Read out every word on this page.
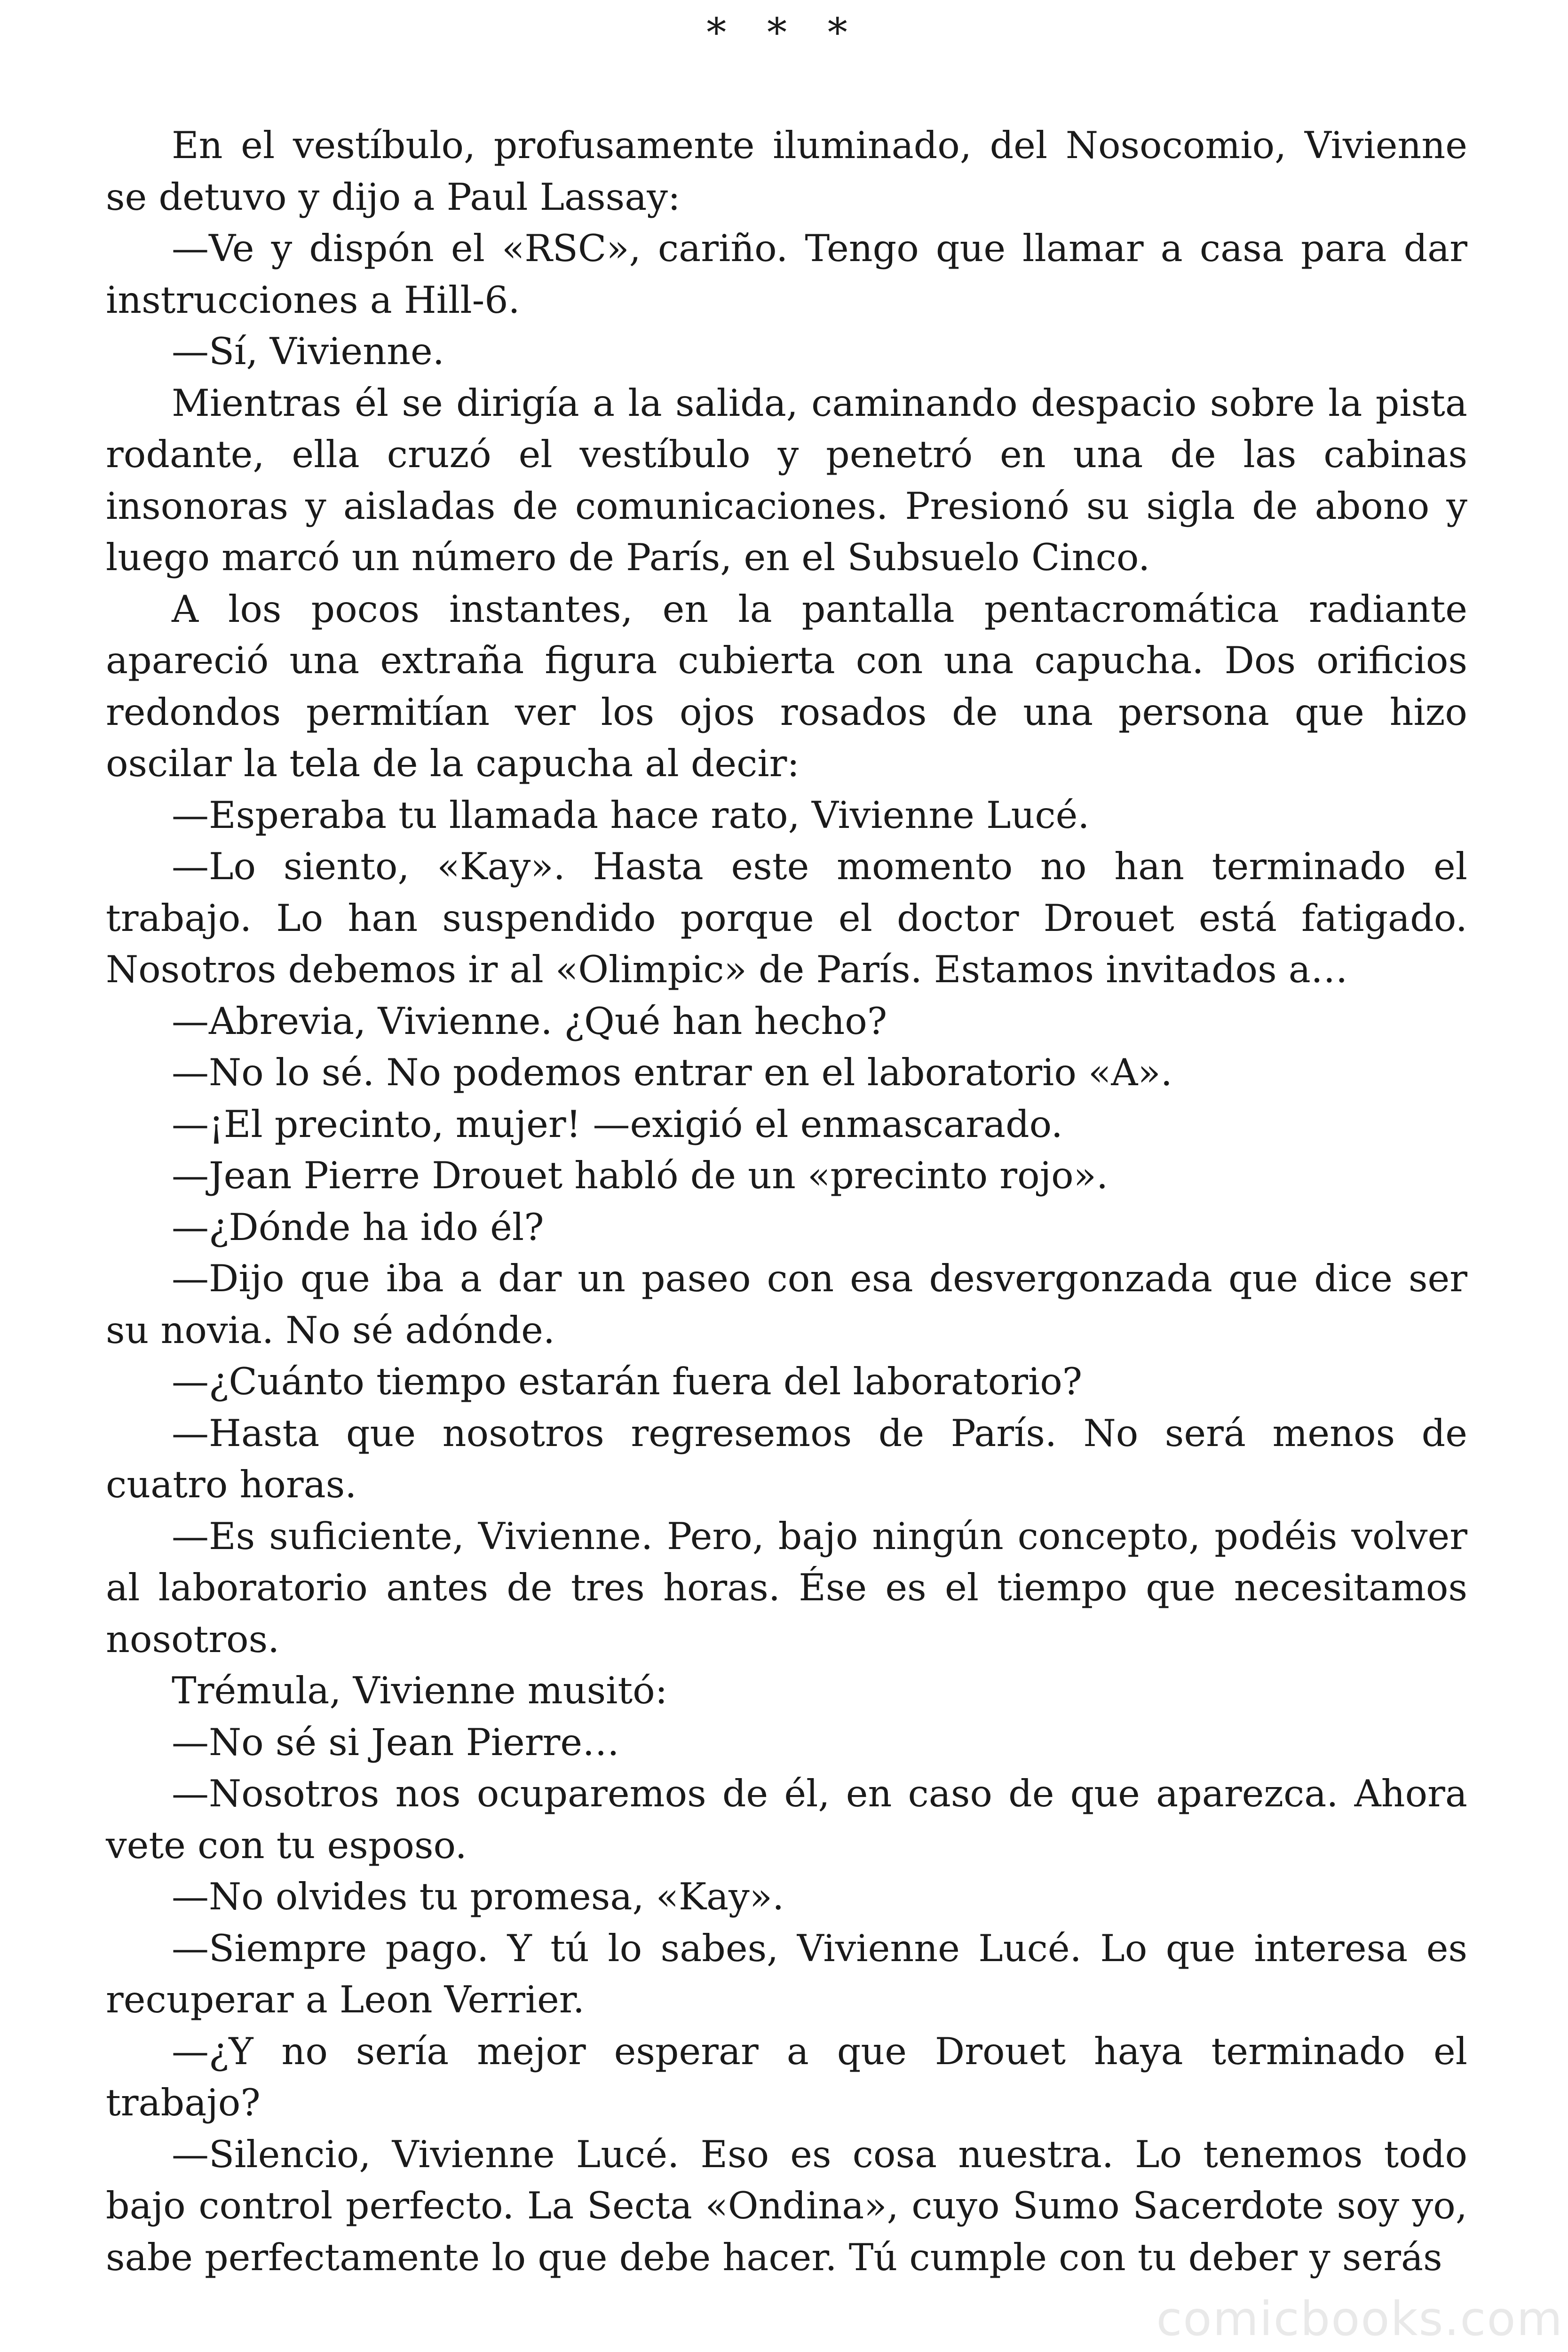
* * *

En el vestíbulo, profusamente iluminado, del Nosocomio, Vivienne se detuvo y dijo a Paul Lassay:

—Ve y dispón el «RSC», cariño. Tengo que llamar a casa para dar instrucciones a Hill-6.

—Sí, Vivienne.

Mientras él se dirigía a la salida, caminando despacio sobre la pista rodante, ella cruzó el vestíbulo y penetró en una de las cabinas insonoras y aisladas de comunicaciones. Presionó su sigla de abono y luego marcó un número de París, en el Subsuelo Cinco.

A los pocos instantes, en la pantalla pentacromática radiante apareció una extraña figura cubierta con una capucha. Dos orificios redondos permitían ver los ojos rosados de una persona que hizo oscilar la tela de la capucha al decir:

—Esperaba tu llamada hace rato, Vivienne Lucé.

—Lo siento, «Kay». Hasta este momento no han terminado el trabajo. Lo han suspendido porque el doctor Drouet está fatigado. Nosotros debemos ir al «Olimpic» de París. Estamos invitados a…

—Abrevia, Vivienne. ¿Qué han hecho?

—No lo sé. No podemos entrar en el laboratorio «A».

—¡El precinto, mujer! —exigió el enmascarado.

—Jean Pierre Drouet habló de un «precinto rojo».

—¿Dónde ha ido él?

—Dijo que iba a dar un paseo con esa desvergonzada que dice ser su novia. No sé adónde.

—¿Cuánto tiempo estarán fuera del laboratorio?

—Hasta que nosotros regresemos de París. No será menos de cuatro horas.

—Es suficiente, Vivienne. Pero, bajo ningún concepto, podéis volver al laboratorio antes de tres horas. Ése es el tiempo que necesitamos nosotros.

Trémula, Vivienne musitó:

—No sé si Jean Pierre…

—Nosotros nos ocuparemos de él, en caso de que aparezca. Ahora vete con tu esposo.

—No olvides tu promesa, «Kay».

—Siempre pago. Y tú lo sabes, Vivienne Lucé. Lo que interesa es recuperar a Leon Verrier.

—¿Y no sería mejor esperar a que Drouet haya terminado el trabajo?

—Silencio, Vivienne Lucé. Eso es cosa nuestra. Lo tenemos todo bajo control perfecto. La Secta «Ondina», cuyo Sumo Sacerdote soy yo, sabe perfectamente lo que debe hacer. Tú cumple con tu deber y serás

comicbooks.com
